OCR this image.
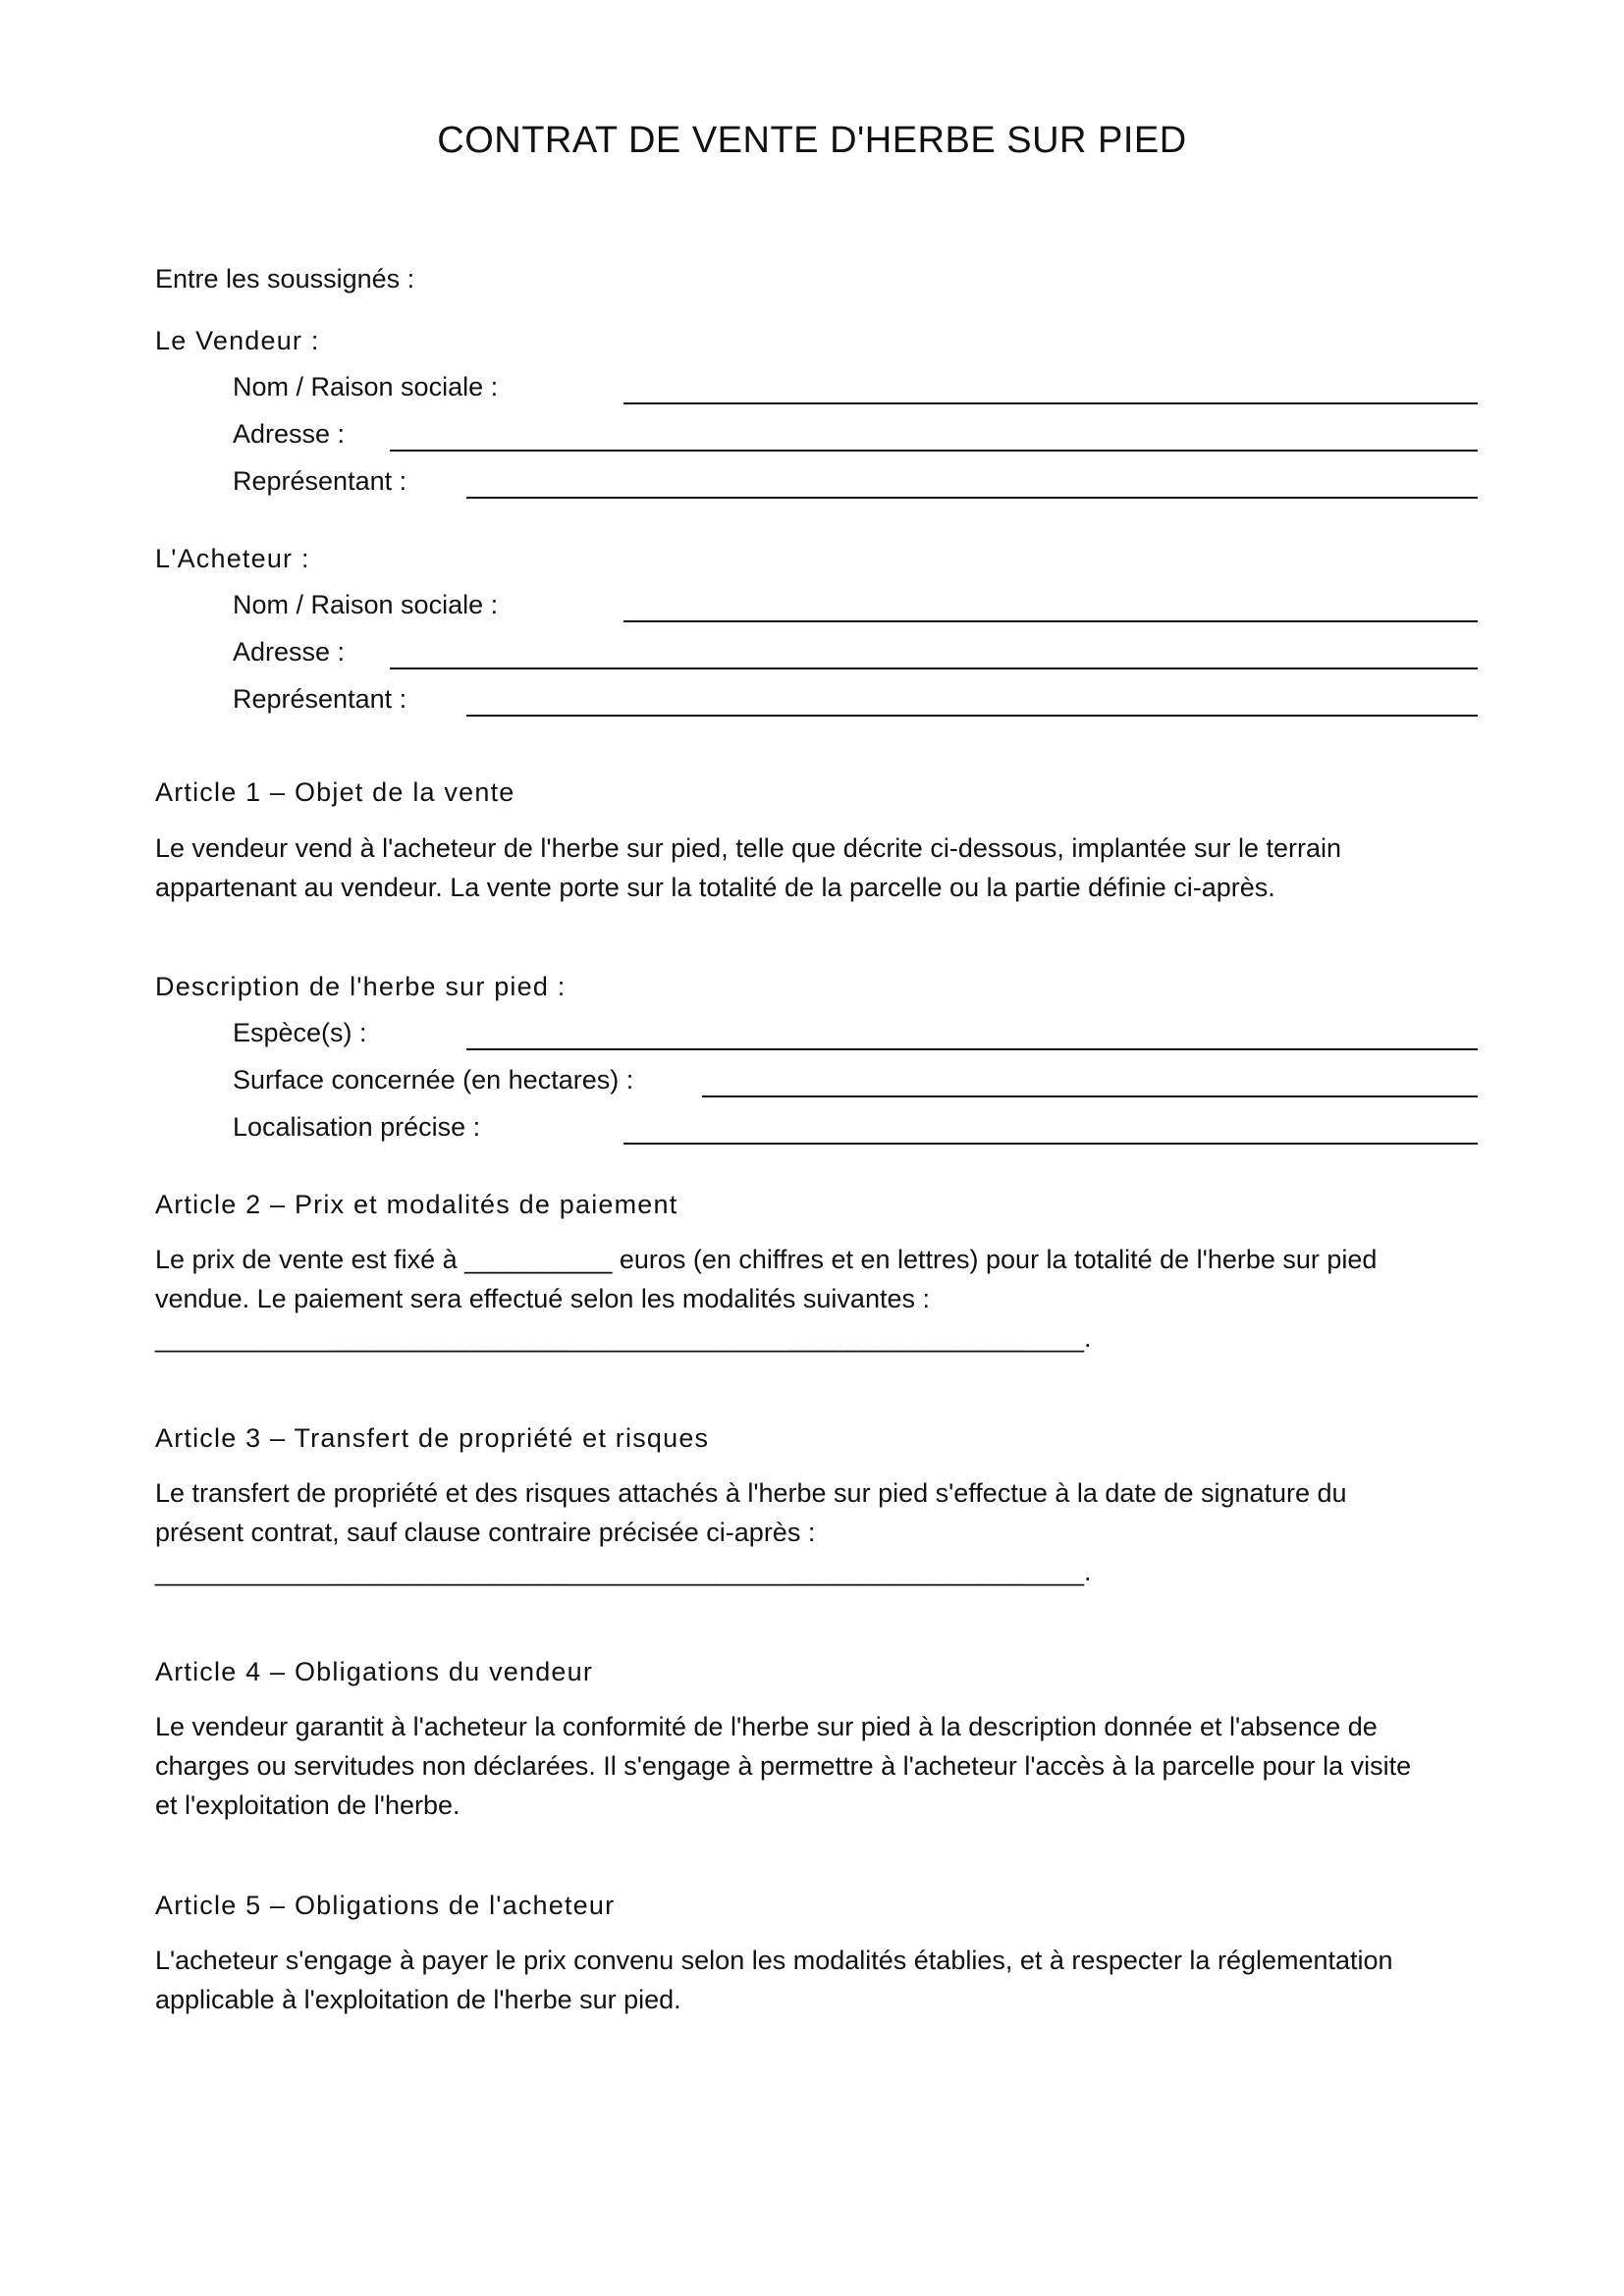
CONTRAT DE VENTE D'HERBE SUR PIED
Entre les soussignés :
Le Vendeur :
Nom / Raison sociale :
Adresse :
Représentant :
L'Acheteur :
Nom / Raison sociale :
Adresse :
Représentant :
Article 1 – Objet de la vente

Le vendeur vend à l'acheteur de l'herbe sur pied, telle que décrite ci-dessous, implantée sur le terrain

appartenant au vendeur. La vente porte sur la totalité de la parcelle ou la partie définie ci-après.

Description de l'herbe sur pied :
Espèce(s) :
Surface concernée (en hectares) :
Localisation précise :
Article 2 – Prix et modalités de paiement

Le prix de vente est fixé à __________ euros (en chiffres et en lettres) pour la totalité de l'herbe sur pied

vendue. Le paiement sera effectué selon les modalités suivantes :

_______________________________________________________________.

Article 3 – Transfert de propriété et risques

Le transfert de propriété et des risques attachés à l'herbe sur pied s'effectue à la date de signature du

présent contrat, sauf clause contraire précisée ci-après :

_______________________________________________________________.

Article 4 – Obligations du vendeur

Le vendeur garantit à l'acheteur la conformité de l'herbe sur pied à la description donnée et l'absence de

charges ou servitudes non déclarées. Il s'engage à permettre à l'acheteur l'accès à la parcelle pour la visite

et l'exploitation de l'herbe.

Article 5 – Obligations de l'acheteur

L'acheteur s'engage à payer le prix convenu selon les modalités établies, et à respecter la réglementation

applicable à l'exploitation de l'herbe sur pied.
